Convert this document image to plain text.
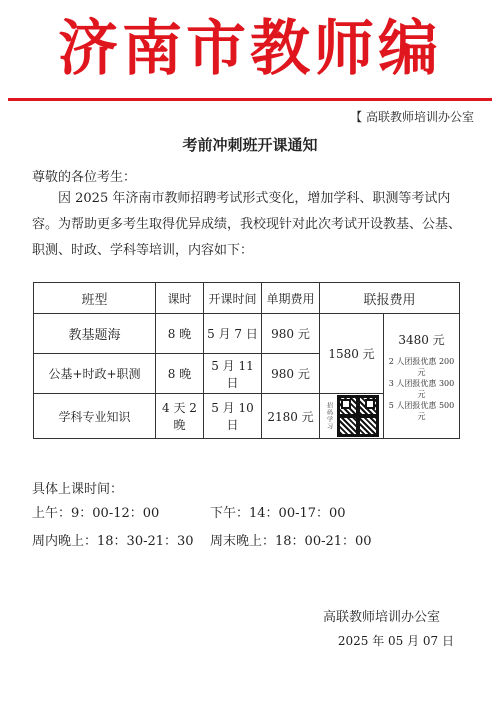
济南市教师编
【 高联教师培训办公室
考前冲刺班开课通知
尊敬的各位考生：
因 2025 年济南市教师招聘考试形式变化，增加学科、职测等考试内容。为帮助更多考生取得优异成绩，我校现针对此次考试开设教基、公基、职测、时政、学科等培训，内容如下：
班型	课时	开课时间	单期费用	联报费用	
教基题海	8 晚	5 月 7 日	980 元	1580 元	3480 元
2 人团报优惠 200 元
3 人团报优惠 300 元
5 人团报优惠 500 元

公基+时政+职测	8 晚	5 月 11 日	980 元		
学科专业知识	4 天 2 晚	5 月 10 日	2180 元	招码学习	
具体上课时间：
上午：9：00-12：00	下午：14：00-17：00
周内晚上：18：30-21：30 周末晚上：18：00-21：00
高联教师培训办公室
2025 年 05 月 07 日
